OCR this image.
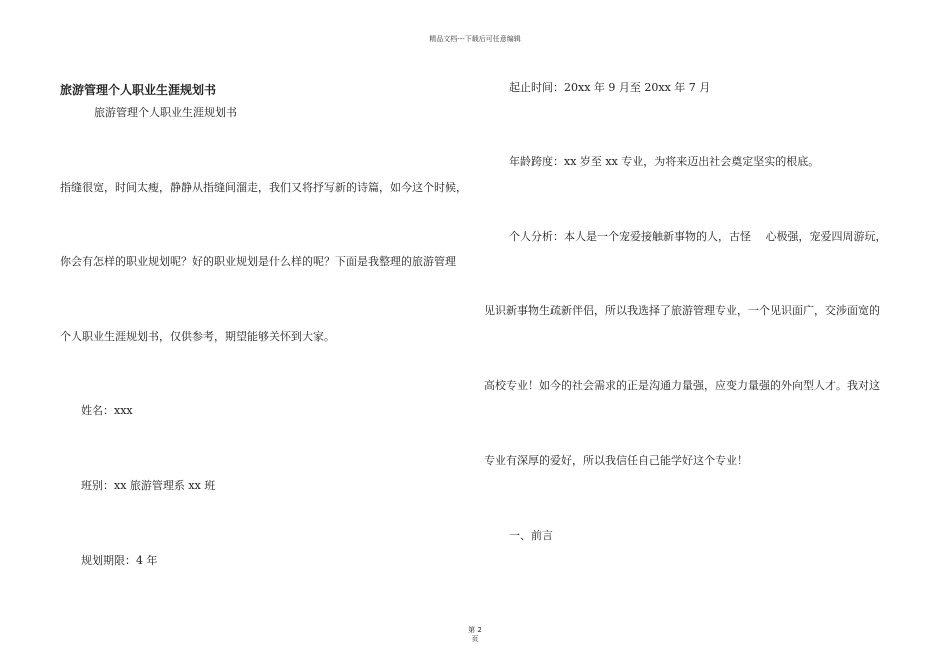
精品文档---下载后可任意编辑
旅游管理个人职业生涯规划书
旅游管理个人职业生涯规划书
指缝很宽，时间太瘦，静静从指缝间溜走，我们又将抒写新的诗篇，如今这个时候，
你会有怎样的职业规划呢？好的职业规划是什么样的呢？下面是我整理的旅游管理
个人职业生涯规划书，仅供参考，期望能够关怀到大家。
姓名：xxx
班别：xx 旅游管理系 xx 班
规划期限：4 年
起止时间：20xx 年 9 月至 20xx 年 7 月
年龄跨度：xx 岁至 xx 专业，为将来迈出社会奠定坚实的根底。
个人分析：本人是一个宠爱接触新事物的人，古怪　 心极强，宠爱四周游玩，
见识新事物生疏新伴侣，所以我选择了旅游管理专业，一个见识面广，交涉面宽的
高校专业！如今的社会需求的正是沟通力量强，应变力量强的外向型人才。我对这
专业有深厚的爱好，所以我信任自己能学好这个专业！
一、前言
第 2
页
